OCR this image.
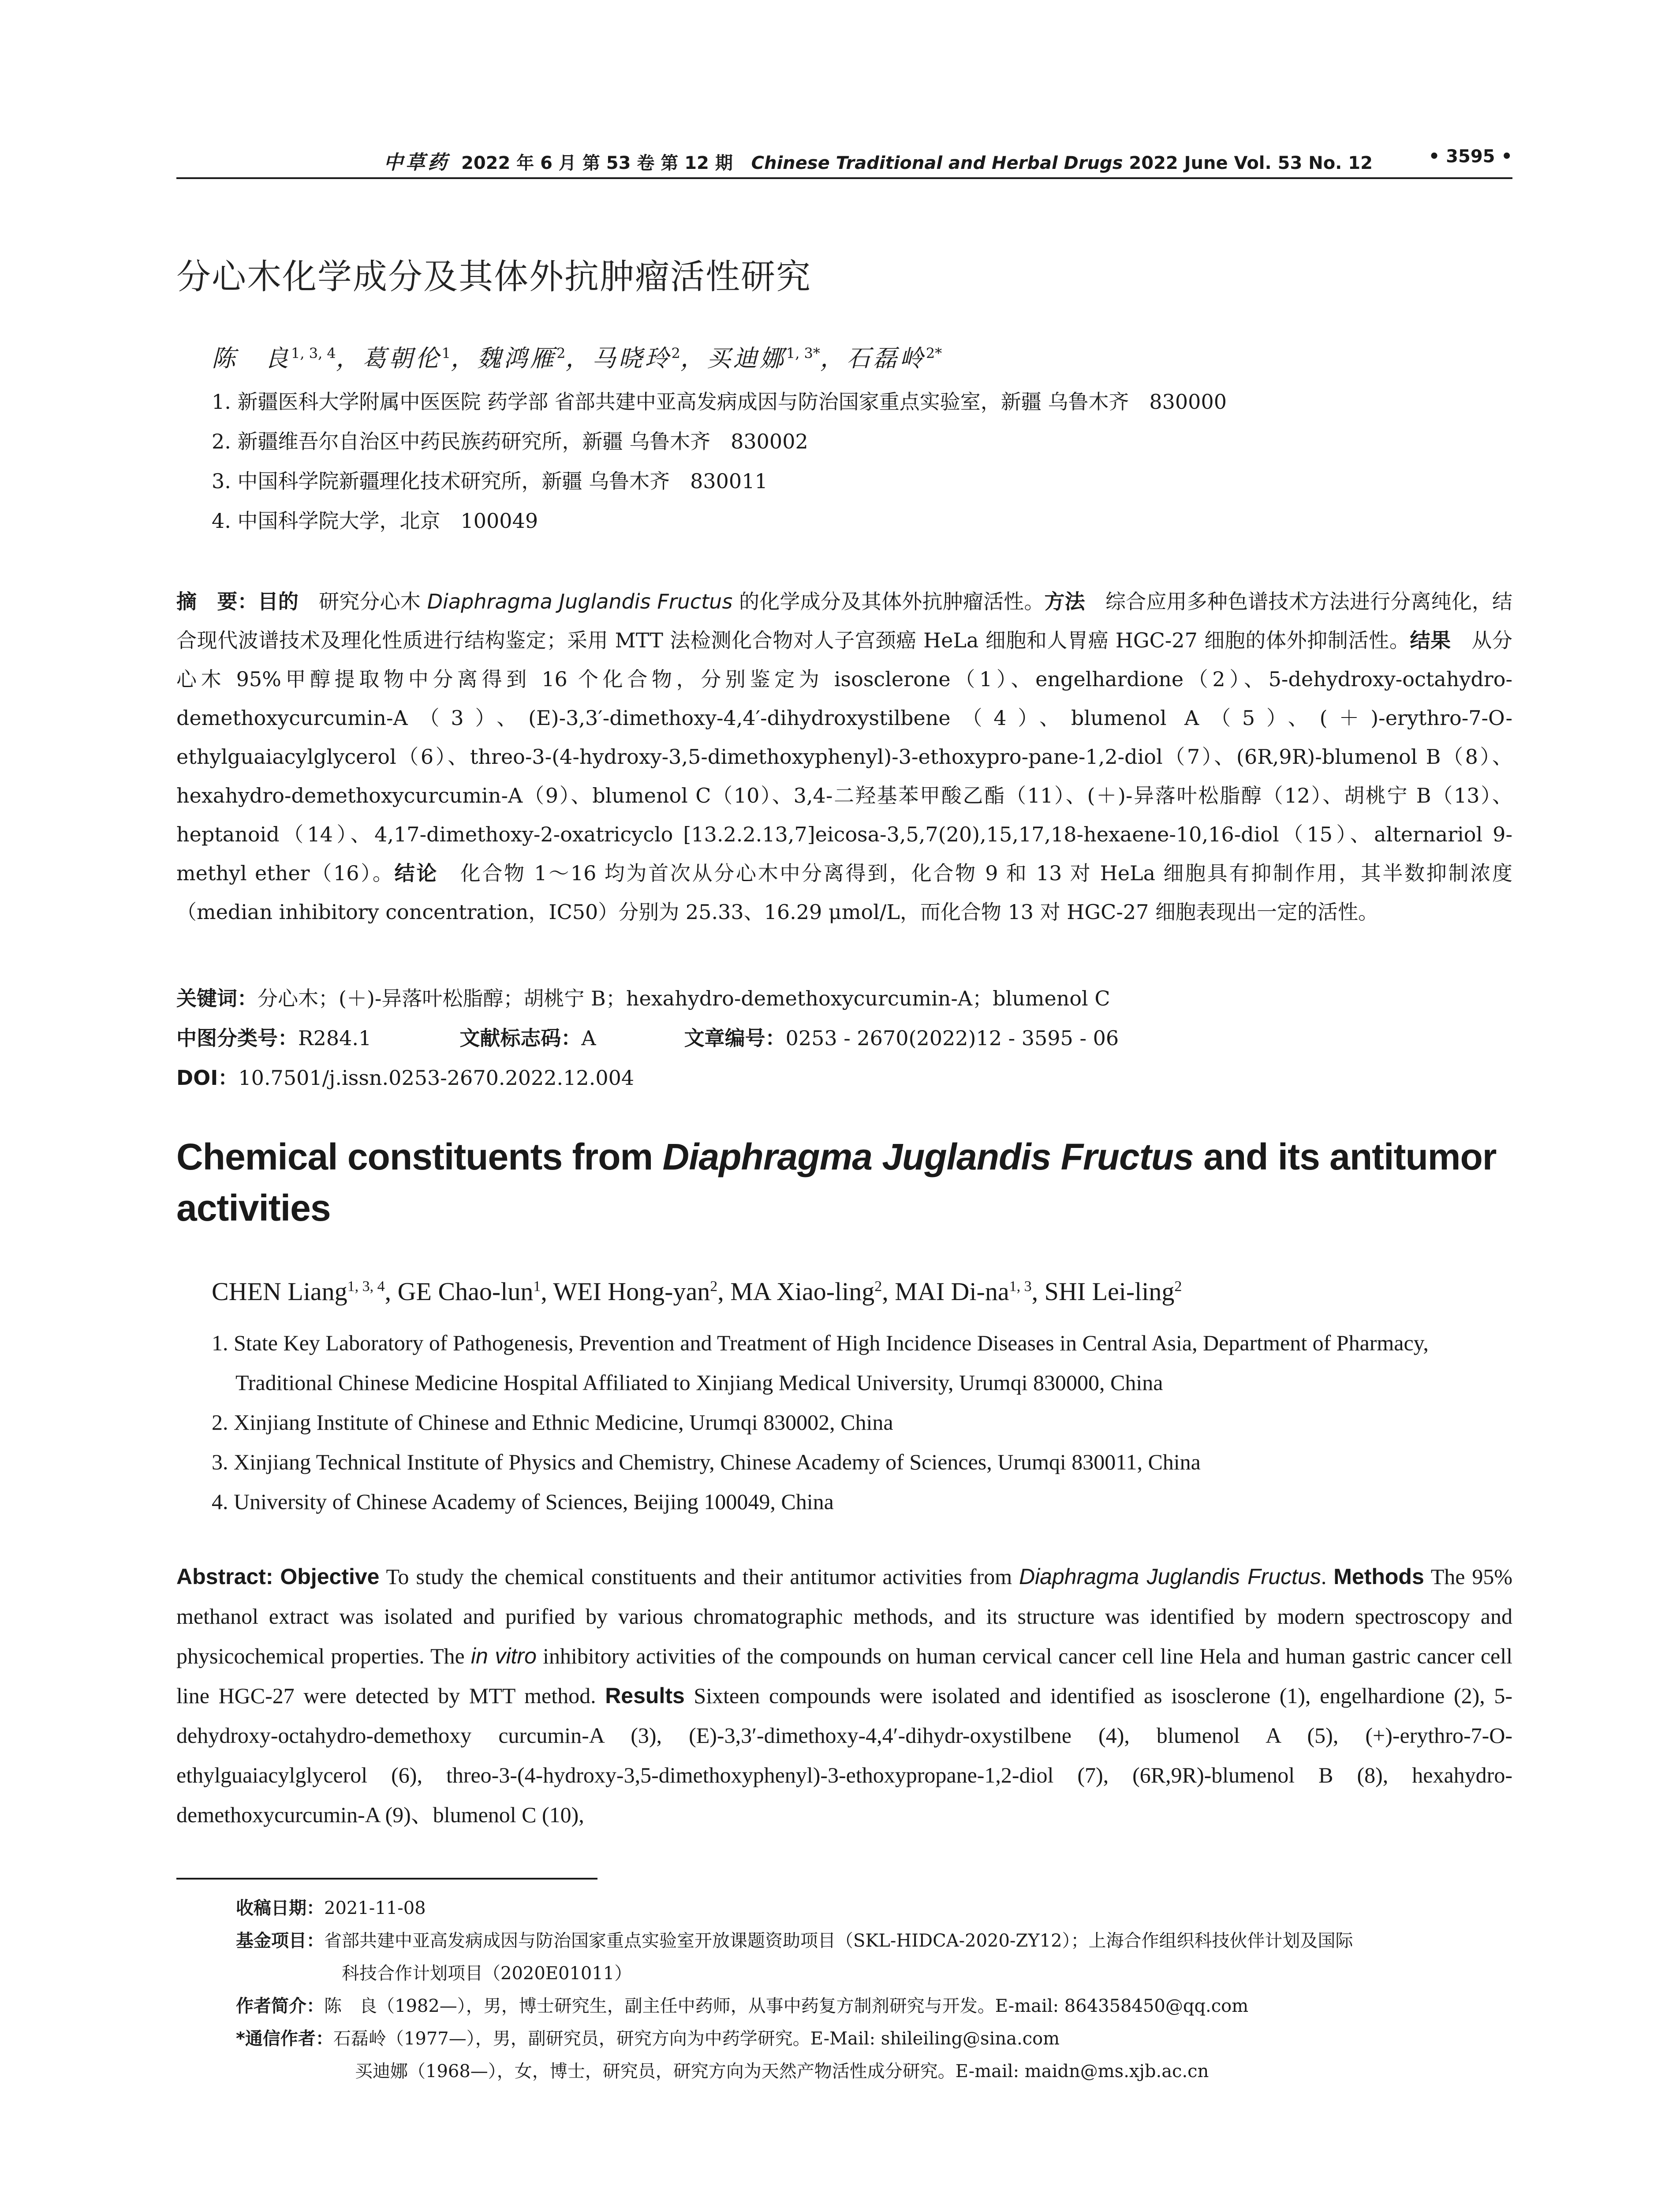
中草药 2022 年 6 月 第 53 卷 第 12 期 Chinese Traditional and Herbal Drugs 2022 June Vol. 53 No. 12	• 3595 •
分心木化学成分及其体外抗肿瘤活性研究
陈　良$^{1, 3, 4}$，葛朝伦$^1$，魏鸿雁$^2$，马晓玲$^2$，买迪娜$^{1, 3*}$，石磊岭$^{2*}$
1. 新疆医科大学附属中医医院 药学部 省部共建中亚高发病成因与防治国家重点实验室，新疆 乌鲁木齐　830000
2. 新疆维吾尔自治区中药民族药研究所，新疆 乌鲁木齐　830002
3. 中国科学院新疆理化技术研究所，新疆 乌鲁木齐　830011
4. 中国科学院大学，北京　100049
摘　要：目的　研究分心木 Diaphragma Juglandis Fructus 的化学成分及其体外抗肿瘤活性。方法　综合应用多种色谱技术方法进行分离纯化，结合现代波谱技术及理化性质进行结构鉴定；采用 MTT 法检测化合物对人子宫颈癌 HeLa 细胞和人胃癌 HGC-27 细胞的体外抑制活性。结果　从分心木 95%甲醇提取物中分离得到 16 个化合物，分别鉴定为 isosclerone（1）、engelhardione（2）、5-dehydroxy-octahydro-demethoxycurcumin-A（3）、(E)-3,3′-dimethoxy-4,4′-dihydroxystilbene（4）、blumenol A（5）、(＋)-erythro-7-O-ethylguaiacylglycerol（6）、threo-3-(4-hydroxy-3,5-dimethoxyphenyl)-3-ethoxypro-pane-1,2-diol（7）、(6R,9R)-blumenol B（8）、hexahydro-demethoxycurcumin-A（9）、blumenol C（10）、3,4-二羟基苯甲酸乙酯（11）、(＋)-异落叶松脂醇（12）、胡桃宁 B（13）、heptanoid（14）、4,17-dimethoxy-2-oxatricyclo [13.2.2.13,7]eicosa-3,5,7(20),15,17,18-hexaene-10,16-diol（15）、alternariol 9-methyl ether（16）。结论　化合物 1～16 均为首次从分心木中分离得到，化合物 9 和 13 对 HeLa 细胞具有抑制作用，其半数抑制浓度（median inhibitory concentration，IC50）分别为 25.33、16.29 μmol/L，而化合物 13 对 HGC-27 细胞表现出一定的活性。
关键词：分心木；(＋)-异落叶松脂醇；胡桃宁 B；hexahydro-demethoxycurcumin-A；blumenol C
中图分类号：R284.1	文献标志码：A	文章编号：0253 - 2670(2022)12 - 3595 - 06
DOI：10.7501/j.issn.0253-2670.2022.12.004
Chemical constituents from Diaphragma Juglandis Fructus and its antitumor activities
CHEN Liang$^{1, 3, 4}$, GE Chao-lun$^1$, WEI Hong-yan$^2$, MA Xiao-ling$^2$, MAI Di-na$^{1, 3}$, SHI Lei-ling$^2$
1. State Key Laboratory of Pathogenesis, Prevention and Treatment of High Incidence Diseases in Central Asia, Department of Pharmacy, Traditional Chinese Medicine Hospital Affiliated to Xinjiang Medical University, Urumqi 830000, China
2. Xinjiang Institute of Chinese and Ethnic Medicine, Urumqi 830002, China
3. Xinjiang Technical Institute of Physics and Chemistry, Chinese Academy of Sciences, Urumqi 830011, China
4. University of Chinese Academy of Sciences, Beijing 100049, China
Abstract: Objective To study the chemical constituents and their antitumor activities from Diaphragma Juglandis Fructus. Methods The 95% methanol extract was isolated and purified by various chromatographic methods, and its structure was identified by modern spectroscopy and physicochemical properties. The in vitro inhibitory activities of the compounds on human cervical cancer cell line Hela and human gastric cancer cell line HGC-27 were detected by MTT method. Results Sixteen compounds were isolated and identified as isosclerone (1), engelhardione (2), 5-dehydroxy-octahydro-demethoxy curcumin-A (3), (E)-3,3′-dimethoxy-4,4′-dihydr-oxystilbene (4), blumenol A (5), (+)-erythro-7-O-ethylguaiacylglycerol (6), threo-3-(4-hydroxy-3,5-dimethoxyphenyl)-3-ethoxypropane-1,2-diol (7), (6R,9R)-blumenol B (8), hexahydro-demethoxycurcumin-A (9)、blumenol C (10),
收稿日期： 2021-11-08
基金项目： 省部共建中亚高发病成因与防治国家重点实验室开放课题资助项目（SKL-HIDCA-2020-ZY12）；上海合作组织科技伙伴计划及国际
科技合作计划项目（2020E01011）
作者简介： 陈　良（1982—），男，博士研究生，副主任中药师，从事中药复方制剂研究与开发。E-mail: 864358450@qq.com
*通信作者： 石磊岭（1977—），男，副研究员，研究方向为中药学研究。E-Mail: shileiling@sina.com
买迪娜（1968—），女，博士，研究员，研究方向为天然产物活性成分研究。E-mail: maidn@ms.xjb.ac.cn
